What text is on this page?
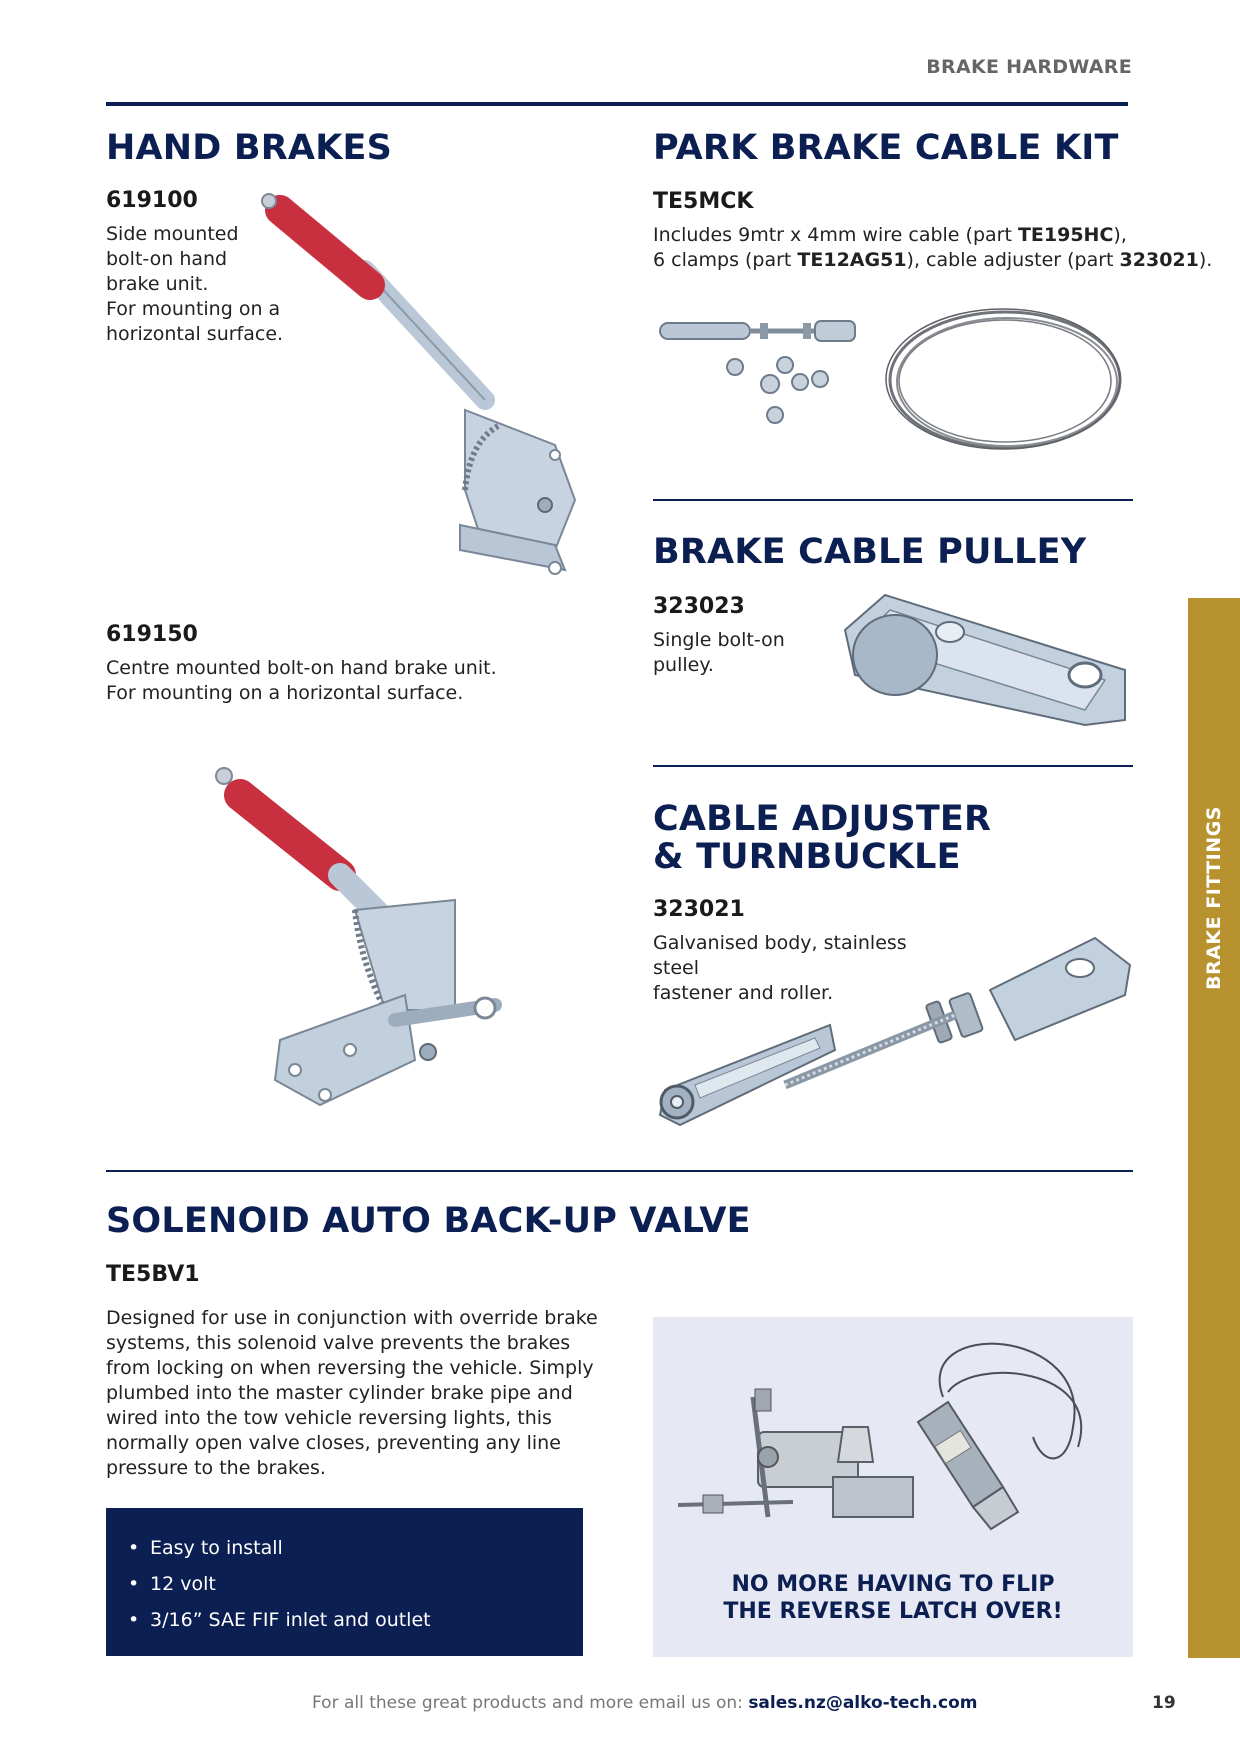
BRAKE HARDWARE
HAND BRAKES
619100
Side mounted
bolt-on hand
brake unit.
For mounting on a
horizontal surface.
619150
Centre mounted bolt-on hand brake unit.
For mounting on a horizontal surface.
PARK BRAKE CABLE KIT
TE5MCK
Includes 9mtr x 4mm wire cable (part TE195HC),
6 clamps (part TE12AG51), cable adjuster (part 323021).
BRAKE CABLE PULLEY
323023
Single bolt-on
pulley.
CABLE ADJUSTER
& TURNBUCKLE
323021
Galvanised body, stainless steel
fastener and roller.
SOLENOID AUTO BACK-UP VALVE
TE5BV1
Designed for use in conjunction with override brake
systems, this solenoid valve prevents the brakes
from locking on when reversing the vehicle. Simply
plumbed into the master cylinder brake pipe and
wired into the tow vehicle reversing lights, this
normally open valve closes, preventing any line
pressure to the brakes.
• Easy to install
• 12 volt
• 3/16” SAE FIF inlet and outlet
NO MORE HAVING TO FLIP
THE REVERSE LATCH OVER!
BRAKE FITTINGS
For all these great products and more email us on: sales.nz@alko-tech.com	19
